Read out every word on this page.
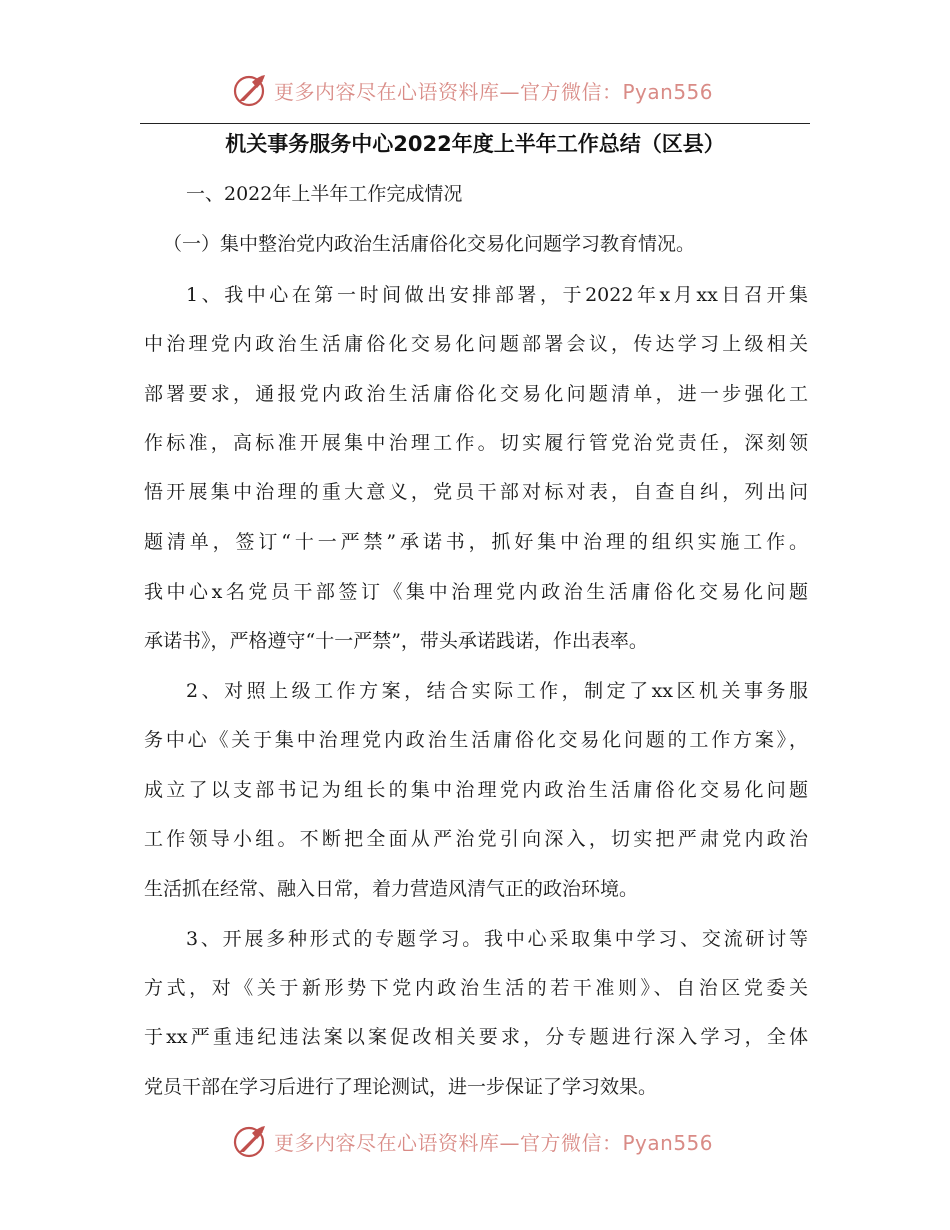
更多内容尽在心语资料库—官方微信：Pyan556
机关事务服务中心2022年度上半年工作总结（区县）
一、2022年上半年工作完成情况
（一）集中整治党内政治生活庸俗化交易化问题学习教育情况。
1、我中心在第一时间做出安排部署，于2022年x月xx日召开集
中治理党内政治生活庸俗化交易化问题部署会议，传达学习上级相关
部署要求，通报党内政治生活庸俗化交易化问题清单，进一步强化工
作标准，高标准开展集中治理工作。切实履行管党治党责任，深刻领
悟开展集中治理的重大意义，党员干部对标对表，自查自纠，列出问
题清单，签订“十一严禁”承诺书，抓好集中治理的组织实施工作。
我中心x名党员干部签订《集中治理党内政治生活庸俗化交易化问题
承诺书》，严格遵守“十一严禁”，带头承诺践诺，作出表率。
2、对照上级工作方案，结合实际工作，制定了xx区机关事务服
务中心《关于集中治理党内政治生活庸俗化交易化问题的工作方案》，
成立了以支部书记为组长的集中治理党内政治生活庸俗化交易化问题
工作领导小组。不断把全面从严治党引向深入，切实把严肃党内政治
生活抓在经常、融入日常，着力营造风清气正的政治环境。
3、开展多种形式的专题学习。我中心采取集中学习、交流研讨等
方式，对《关于新形势下党内政治生活的若干准则》、自治区党委关
于xx严重违纪违法案以案促改相关要求，分专题进行深入学习，全体
党员干部在学习后进行了理论测试，进一步保证了学习效果。
更多内容尽在心语资料库—官方微信：Pyan556
